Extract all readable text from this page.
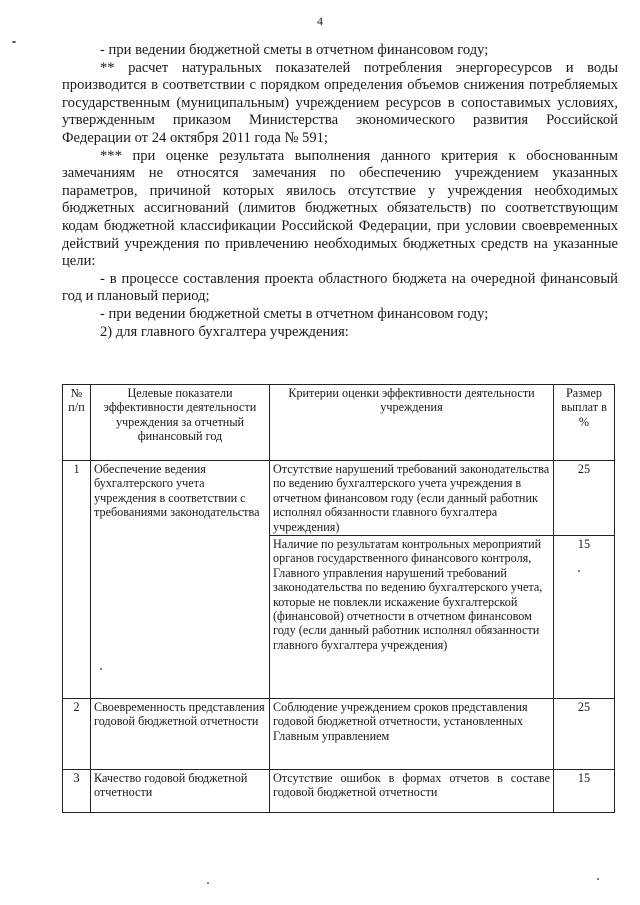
4

- при ведении бюджетной сметы в отчетном финансовом году;

** расчет натуральных показателей потребления энергоресурсов и воды производится в соответствии с порядком определения объемов снижения потребляемых государственным (муниципальным) учреждением ресурсов в сопоставимых условиях, утвержденным приказом Министерства экономического развития Российской Федерации от 24 октября 2011 года № 591;

*** при оценке результата выполнения данного критерия к обоснованным замечаниям не относятся замечания по обеспечению учреждением указанных параметров, причиной которых явилось отсутствие у учреждения необходимых бюджетных ассигнований (лимитов бюджетных обязательств) по соответствующим кодам бюджетной классификации Российской Федерации, при условии своевременных действий учреждения по привлечению необходимых бюджетных средств на указанные цели:

- в процессе составления проекта областного бюджета на очередной финансовый год и плановый период;

- при ведении бюджетной сметы в отчетном финансовом году;

2) для главного бухгалтера учреждения:

№ п/п	Целевые показатели эффективности деятельности учреждения за отчетный финансовый год	Критерии оценки эффективности деятельности учреждения	Размер выплат в %
1	Обеспечение ведения бухгалтерского учета учреждения в соответствии с требованиями законодательства	Отсутствие нарушений требований законодательства по ведению бухгалтерского учета учреждения в отчетном финансовом году (если данный работник исполнял обязанности главного бухгалтера учреждения)	25
		Наличие по результатам контрольных мероприятий органов государственного финансового контроля, Главного управления нарушений требований законодательства по ведению бухгалтерского учета, которые не повлекли искажение бухгалтерской (финансовой) отчетности в отчетном финансовом году (если данный работник исполнял обязанности главного бухгалтера учреждения)	15
2	Своевременность представления годовой бюджетной отчетности	Соблюдение учреждением сроков представления годовой бюджетной отчетности, установленных Главным управлением	25
3	Качество годовой бюджетной отчетности	Отсутствие ошибок в формах отчетов в составе годовой бюджетной отчетности	15
